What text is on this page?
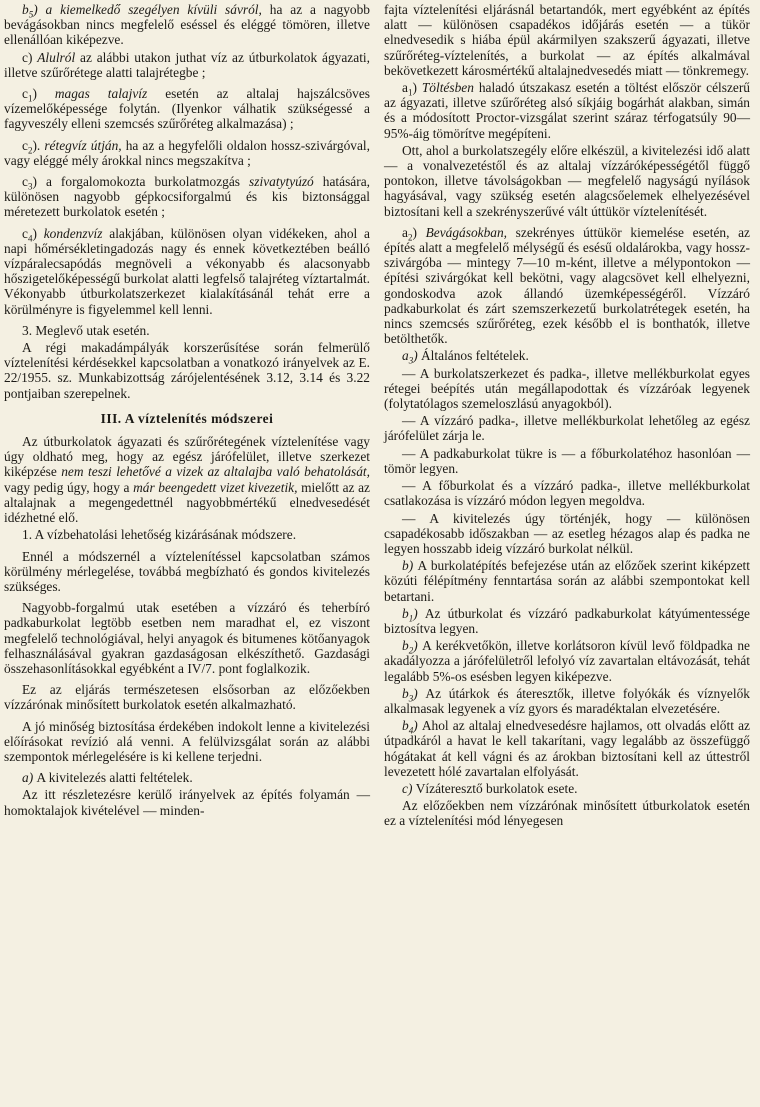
$b_5$) a kiemelkedő szegélyen kívüli sávról, ha az a nagyobb bevágásokban nincs megfelelő eséssel és eléggé tömören, illetve ellenállóan kiképezve.

c) Alulról az alábbi utakon juthat víz az útburkolatok ágyazati, illetve szűrőrétege alatti talajrétegbe ;

$c_1$) magas talajvíz esetén az altalaj hajszálcsöves vízemelőképessége folytán. (Ilyenkor válhatik szükségessé a fagyveszély elleni szemcsés szűrőréteg alkalmazása) ;

$c_2$). rétegvíz útján, ha az a hegyfelőli oldalon hossz-szivárgóval, vagy eléggé mély árokkal nincs megszakítva ;

$c_3$) a forgalomokozta burkolatmozgás szivatytyúzó hatására, különösen nagyobb gépkocsiforgalmú és kis biztonsággal méretezett burkolatok esetén ;

$c_4$) kondenzvíz alakjában, különösen olyan vidékeken, ahol a napi hőmérsékletingadozás nagy és ennek következtében beálló vízpáralecsapódás megnöveli a vékonyabb és alacsonyabb hőszigetelőképességű burkolat alatti legfelső talajréteg víztartalmát. Vékonyabb útburkolatszerkezet kialakításánál tehát erre a körülményre is figyelemmel kell lenni.

3. Meglevő utak esetén.

A régi makadámpályák korszerűsítése során felmerülő víztelenítési kérdésekkel kapcsolatban a vonatkozó irányelvek az E. 22/1955. sz. Munkabizottság zárójelentésének 3.12, 3.14 és 3.22 pontjaiban szerepelnek.

III. A víztelenítés módszerei

Az útburkolatok ágyazati és szűrőrétegének víztelenítése vagy úgy oldható meg, hogy az egész járófelület, illetve szerkezet kiképzése nem teszi lehetővé a vizek az altalajba való behatolását, vagy pedig úgy, hogy a már beengedett vizet kivezetik, mielőtt az az altalajnak a megengedettnél nagyobbmértékű elnedvesedését idézhetné elő.

1. A vízbehatolási lehetőség kizárásának módszere.

Ennél a módszernél a víztelenítéssel kapcsolatban számos körülmény mérlegelése, továbbá megbízható és gondos kivitelezés szükséges.

Nagyobb-forgalmú utak esetében a vízzáró és teherbíró padkaburkolat legtöbb esetben nem maradhat el, ez viszont megfelelő technológiával, helyi anyagok és bitumenes kötőanyagok felhasználásával gyakran gazdaságosan elkészíthető. Gazdasági összehasonlításokkal egyébként a IV/7. pont foglalkozik.

Ez az eljárás természetesen elsősorban az előzőekben vízzárónak minősített burkolatok esetén alkalmazható.

A jó minőség biztosítása érdekében indokolt lenne a kivitelezési előírásokat revízió alá venni. A felülvizsgálat során az alábbi szempontok mérlegelésére is ki kellene terjedni.

a) A kivitelezés alatti feltételek.

Az itt részletezésre kerülő irányelvek az építés folyamán — homoktalajok kivételével — minden-

fajta víztelenítési eljárásnál betartandók, mert egyébként az építés alatt — különösen csapadékos időjárás esetén — a tükör elnedvesedik s hiába épül akármilyen szakszerű ágyazati, illetve szűrőréteg-víztelenítés, a burkolat — az építés alkalmával bekövetkezett károsmértékű altalajnedvesedés miatt — tönkremegy.

$a_1$) Töltésben haladó útszakasz esetén a töltést először célszerű az ágyazati, illetve szűrőréteg alsó síkjáig bogárhát alakban, simán és a módosított Proctor-vizsgálat szerint száraz térfogatsúly 90—95%-áig tömörítve megépíteni.

Ott, ahol a burkolatszegély előre elkészül, a kivitelezési idő alatt — a vonalvezetéstől és az altalaj vízzáróképességétől függő pontokon, illetve távolságokban — megfelelő nagyságú nyílások hagyásával, vagy szükség esetén alagcsőelemek elhelyezésével biztosítani kell a szekrényszerűvé vált úttükör víztelenítését.

$a_2$) Bevágásokban, szekrényes úttükör kiemelése esetén, az építés alatt a megfelelő mélységű és esésű oldalárokba, vagy hossz-szivárgóba — mintegy 7—10 m-ként, illetve a mélypontokon — építési szivárgókat kell bekötni, vagy alagcsövet kell elhelyezni, gondoskodva azok állandó üzemképességéről. Vízzáró padkaburkolat és zárt szemszerkezetű burkolatrétegek esetén, ha nincs szemcsés szűrőréteg, ezek később el is bonthatók, illetve betölthetők.

$a_3$) Általános feltételek.

— A burkolatszerkezet és padka-, illetve mellékburkolat egyes rétegei beépítés után megállapodottak és vízzáróak legyenek (folytatólagos szemeloszlású anyagokból).

— A vízzáró padka-, illetve mellékburkolat lehetőleg az egész járófelület zárja le.

— A padkaburkolat tükre is — a főburkolatéhoz hasonlóan — tömör legyen.

— A főburkolat és a vízzáró padka-, illetve mellékburkolat csatlakozása is vízzáró módon legyen megoldva.

— A kivitelezés úgy történjék, hogy — különösen csapadékosabb időszakban — az esetleg hézagos alap és padka ne legyen hosszabb ideig vízzáró burkolat nélkül.

b) A burkolatépítés befejezése után az előzőek szerint kiképzett közúti félépítmény fenntartása során az alábbi szempontokat kell betartani.

$b_1$) Az útburkolat és vízzáró padkaburkolat kátyúmentessége biztosítva legyen.

$b_2$) A kerékvetőkön, illetve korlátsoron kívül levő földpadka ne akadályozza a járófelületről lefolyó víz zavartalan eltávozását, tehát legalább 5%-os esésben legyen kiképezve.

$b_3$) Az útárkok és áteresztők, illetve folyókák és víznyelők alkalmasak legyenek a víz gyors és maradéktalan elvezetésére.

$b_4$) Ahol az altalaj elnedvesedésre hajlamos, ott olvadás előtt az útpadkáról a havat le kell takarítani, vagy legalább az összefüggő hógátakat át kell vágni és az árokban biztosítani kell az úttestről levezetett hólé zavartalan elfolyását.

c) Vízáteresztő burkolatok esete.

Az előzőekben nem vízzárónak minősített útburkolatok esetén ez a víztelenítési mód lényegesen
